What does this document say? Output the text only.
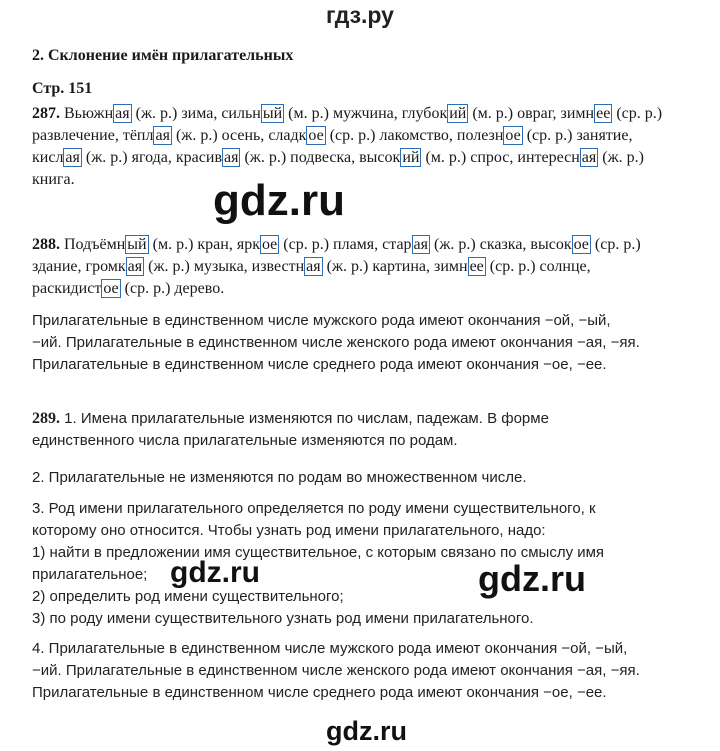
гдз.ру
2. Склонение имён прилагательных
Стр. 151
287. Вьюжн ая (ж. р.) зима, сильн ый (м. р.) мужчина, глубок ий (м. р.) овраг, зимн ее (ср. р.) развлечение, тёпл ая (ж. р.) осень, сладк ое (ср. р.) лакомство, полезн ое (ср. р.) занятие, кисл ая (ж. р.) ягода, красив ая (ж. р.) подвеска, высок ий (м. р.) спрос, интересн ая (ж. р.) книга.	gdz.ru
288. Подъёмн ый (м. р.) кран, ярк ое (ср. р.) пламя, стар ая (ж. р.) сказка, высок ое (ср. р.) здание, громк ая (ж. р.) музыка, известн ая (ж. р.) картина, зимн ее (ср. р.) солнце, раскидист ое (ср. р.) дерево.

Прилагательные в единственном числе мужского рода имеют окончания −ой, −ый,

−ий. Прилагательные в единственном числе женского рода имеют окончания −ая, −яя.

Прилагательные в единственном числе среднего рода имеют окончания −ое, −ее.

289. 1. Имена прилагательные изменяются по числам, падежам. В форме

единственного числа прилагательные изменяются по родам.

2. Прилагательные не изменяются по родам во множественном числе.

3. Род имени прилагательного определяется по роду имени существительного, к

которому оно относится. Чтобы узнать род имени прилагательного, надо:

1) найти в предложении имя существительное, с которым связано по смыслу имя

прилагательное;

2) определить род имени существительного;

3) по роду имени существительного узнать род имени прилагательного.

gdz.ru	gdz.ru

4. Прилагательные в единственном числе мужского рода имеют окончания −ой, −ый,

−ий. Прилагательные в единственном числе женского рода имеют окончания −ая, −яя.

Прилагательные в единственном числе среднего рода имеют окончания −ое, −ее.

gdz.ru
